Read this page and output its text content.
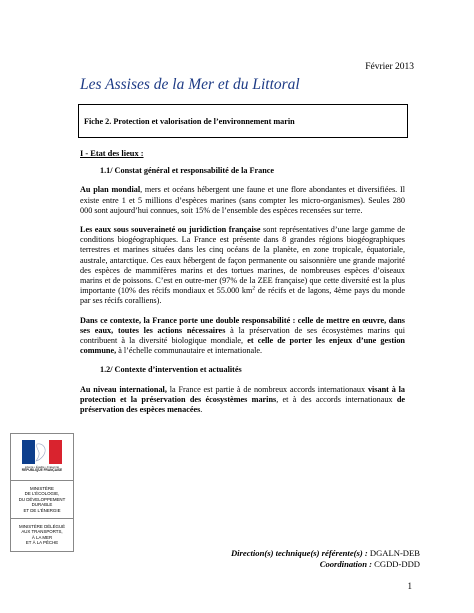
Février 2013
Les Assises de la Mer et du Littoral
Fiche 2. Protection et valorisation de l’environnement marin

I - Etat des lieux :

1.1/ Constat général et responsabilité de la France

Au plan mondial, mers et océans hébergent une faune et une flore abondantes et diversifiées. Il existe entre 1 et 5 millions d’espèces marines (sans compter les micro-organismes). Seules 280 000 sont aujourd’hui connues, soit 15% de l’ensemble des espèces recensées sur terre.

Les eaux sous souveraineté ou juridiction française sont représentatives d’une large gamme de conditions biogéographiques. La France est présente dans 8 grandes régions biogéographiques terrestres et marines situées dans les cinq océans de la planète, en zone tropicale, équatoriale, australe, antarctique. Ces eaux hébergent de façon permanente ou saisonnière une grande majorité des espèces de mammifères marins et des tortues marines, de nombreuses espèces d’oiseaux marins et de poissons. C’est en outre-mer (97% de la ZEE française) que cette diversité est la plus importante (10% des récifs mondiaux et 55.000 $km^2$ de récifs et de lagons, 4ème pays du monde par ses récifs coralliens).

Dans ce contexte, la France porte une double responsabilité : celle de mettre en œuvre, dans ses eaux, toutes les actions nécessaires à la préservation de ses écosystèmes marins qui contribuent à la diversité biologique mondiale, et celle de porter les enjeux d’une gestion commune, à l’échelle communautaire et internationale.

1.2/ Contexte d’intervention et actualités

Au niveau international, la France est partie à de nombreux accords internationaux visant à la protection et la préservation des écosystèmes marins, et à des accords internationaux de préservation des espèces menacées.

Liberté • Égalité • Fraternité
RÉPUBLIQUE FRANÇAISE
MINISTÈRE
DE L’ÉCOLOGIE,
DU DÉVELOPPEMENT
DURABLE
ET DE L’ÉNERGIE
MINISTÈRE DÉLÉGUÉ
AUX TRANSPORTS,
À LA MER
ET À LA PÊCHE
Direction(s) technique(s) référente(s) : DGALN-DEB
Coordination : CGDD-DDD
1
